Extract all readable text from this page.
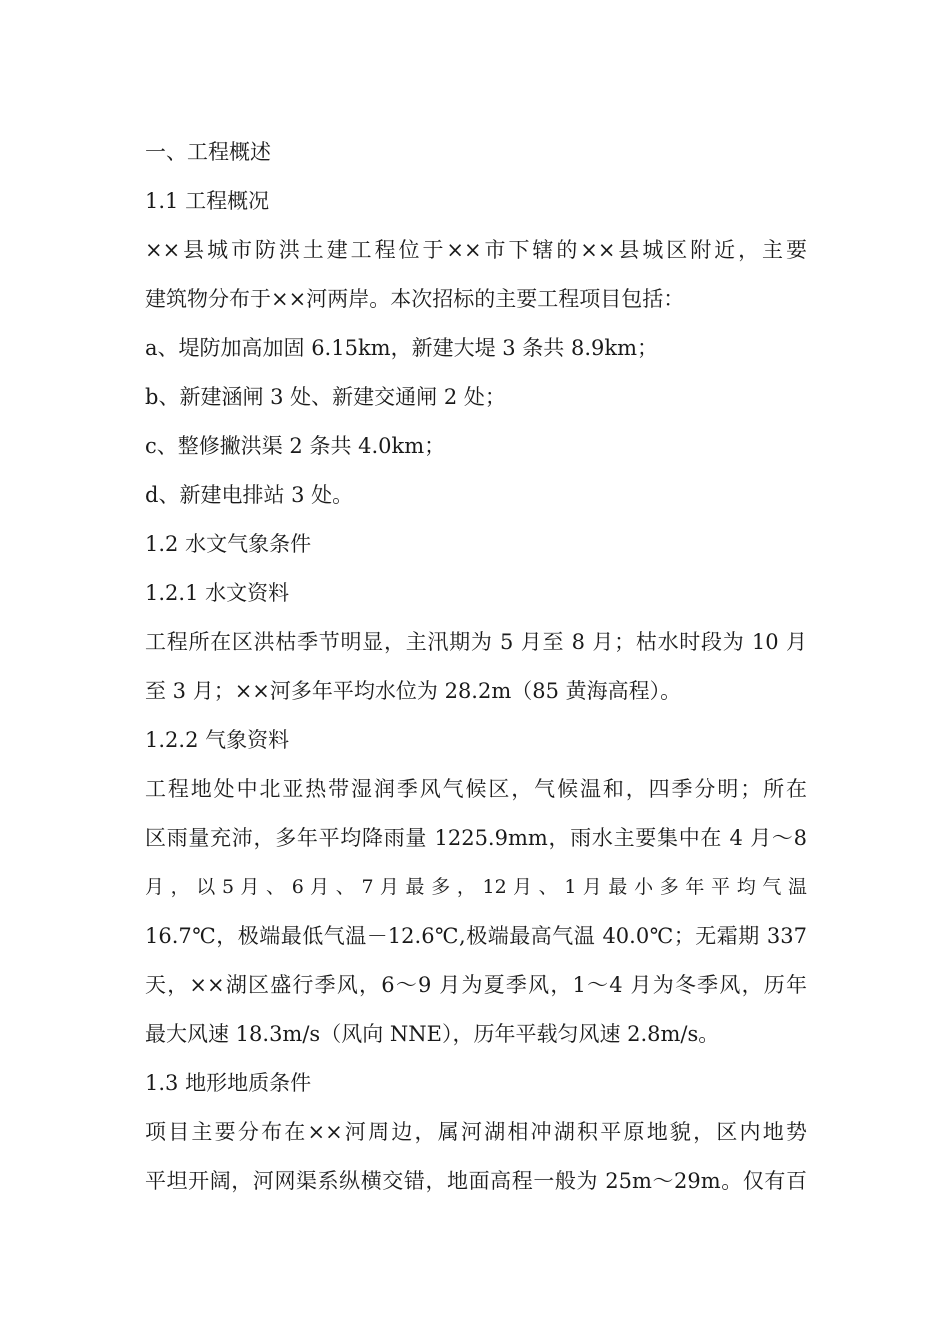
一、工程概述
1.1 工程概况
××县城市防洪土建工程位于××市下辖的××县城区附近，主要
建筑物分布于××河两岸。本次招标的主要工程项目包括：
a、堤防加高加固 6.15km，新建大堤 3 条共 8.9km；
b、新建涵闸 3 处、新建交通闸 2 处；
c、整修撇洪渠 2 条共 4.0km；
d、新建电排站 3 处。
1.2 水文气象条件
1.2.1 水文资料
工程所在区洪枯季节明显，主汛期为 5 月至 8 月；枯水时段为 10 月
至 3 月；××河多年平均水位为 28.2m（85 黄海高程）。
1.2.2 气象资料
工程地处中北亚热带湿润季风气候区，气候温和，四季分明；所在
区雨量充沛，多年平均降雨量 1225.9mm，雨水主要集中在 4 月～8
月 ， 以 5 月 、 6 月 、 7 月 最 多 ， 12 月 、 1 月 最 小 多 年 平 均 气 温
16.7℃，极端最低气温－12.6℃,极端最高气温 40.0℃；无霜期 337
天，××湖区盛行季风，6～9 月为夏季风，1～4 月为冬季风，历年
最大风速 18.3m/s（风向 NNE），历年平载匀风速 2.8m/s。
1.3 地形地质条件
项目主要分布在××河周边，属河湖相冲湖积平原地貌，区内地势
平坦开阔，河网渠系纵横交错，地面高程一般为 25m～29m。仅有百
